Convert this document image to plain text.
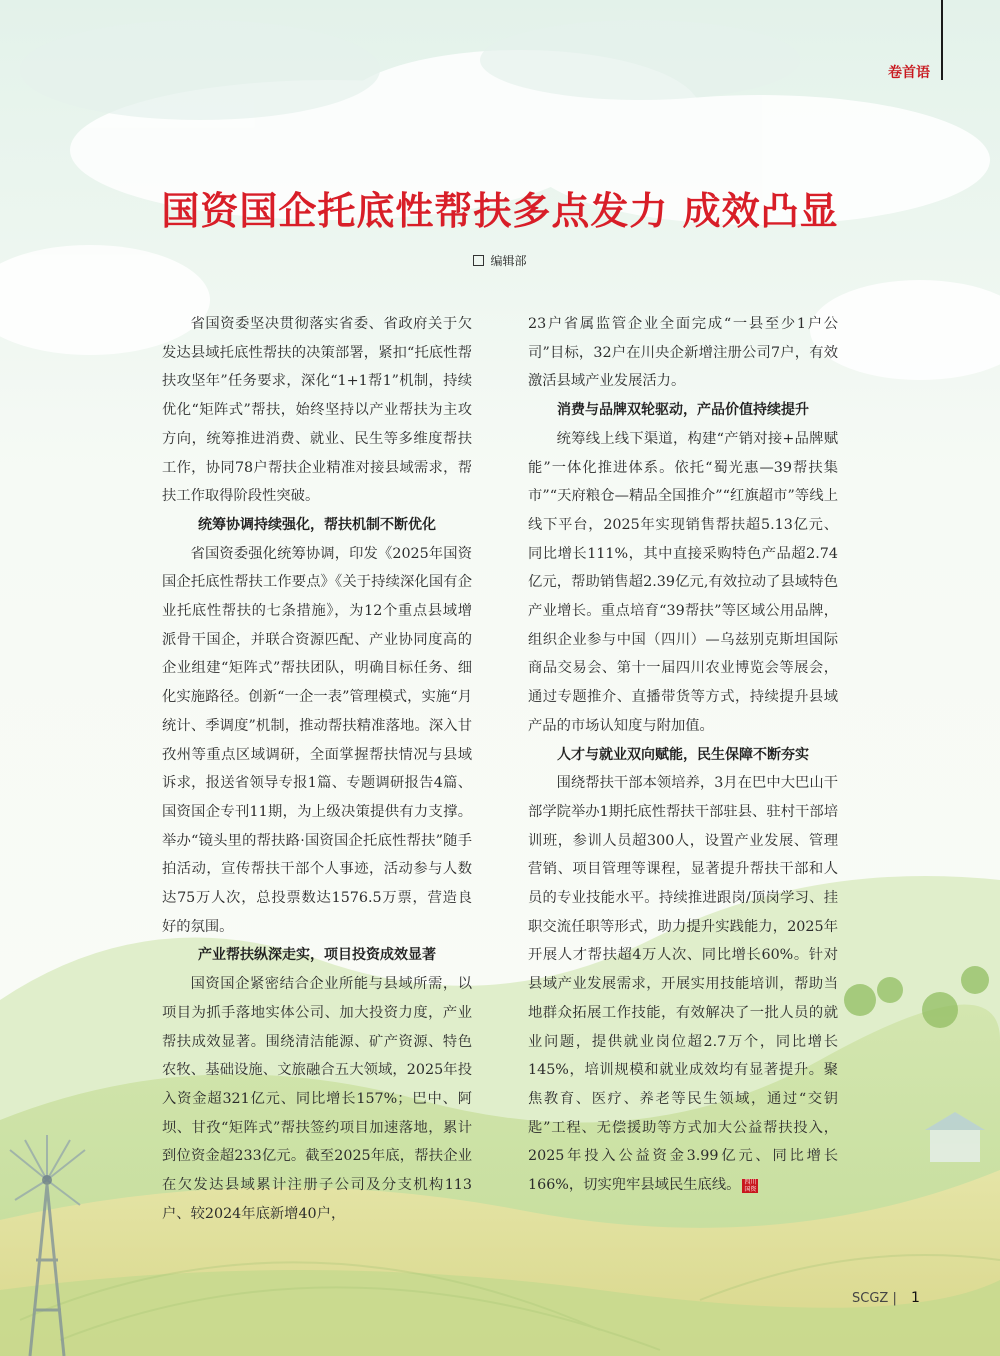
卷首语
国资国企托底性帮扶多点发力 成效凸显
编辑部

省国资委坚决贯彻落实省委、省政府关于欠发达县域托底性帮扶的决策部署，紧扣“托底性帮扶攻坚年”任务要求，深化“1+1帮1”机制，持续优化“矩阵式”帮扶，始终坚持以产业帮扶为主攻方向，统筹推进消费、就业、民生等多维度帮扶工作，协同78户帮扶企业精准对接县域需求，帮扶工作取得阶段性突破。

统筹协调持续强化，帮扶机制不断优化

省国资委强化统筹协调，印发《2025年国资国企托底性帮扶工作要点》《关于持续深化国有企业托底性帮扶的七条措施》，为12个重点县域增派骨干国企，并联合资源匹配、产业协同度高的企业组建“矩阵式”帮扶团队，明确目标任务、细化实施路径。创新“一企一表”管理模式，实施“月统计、季调度”机制，推动帮扶精准落地。深入甘孜州等重点区域调研，全面掌握帮扶情况与县域诉求，报送省领导专报1篇、专题调研报告4篇、国资国企专刊11期，为上级决策提供有力支撑。举办“镜头里的帮扶路·国资国企托底性帮扶”随手拍活动，宣传帮扶干部个人事迹，活动参与人数达75万人次，总投票数达1576.5万票，营造良好的氛围。

产业帮扶纵深走实，项目投资成效显著

国资国企紧密结合企业所能与县域所需，以项目为抓手落地实体公司、加大投资力度，产业帮扶成效显著。围绕清洁能源、矿产资源、特色农牧、基础设施、文旅融合五大领域，2025年投入资金超321亿元、同比增长157%；巴中、阿坝、甘孜“矩阵式”帮扶签约项目加速落地，累计到位资金超233亿元。截至2025年底，帮扶企业在欠发达县域累计注册子公司及分支机构113户、较2024年底新增40户，

23户省属监管企业全面完成“一县至少1户公司”目标，32户在川央企新增注册公司7户，有效激活县域产业发展活力。

消费与品牌双轮驱动，产品价值持续提升

统筹线上线下渠道，构建“产销对接+品牌赋能”一体化推进体系。依托“蜀光惠—39帮扶集市”“天府粮仓—精品全国推介”“红旗超市”等线上线下平台，2025年实现销售帮扶超5.13亿元、同比增长111%，其中直接采购特色产品超2.74亿元，帮助销售超2.39亿元,有效拉动了县域特色产业增长。重点培育“39帮扶”等区域公用品牌，组织企业参与中国（四川）—乌兹别克斯坦国际商品交易会、第十一届四川农业博览会等展会，通过专题推介、直播带货等方式，持续提升县域产品的市场认知度与附加值。

人才与就业双向赋能，民生保障不断夯实

围绕帮扶干部本领培养，3月在巴中大巴山干部学院举办1期托底性帮扶干部驻县、驻村干部培训班，参训人员超300人，设置产业发展、管理营销、项目管理等课程，显著提升帮扶干部和人员的专业技能水平。持续推进跟岗/顶岗学习、挂职交流任职等形式，助力提升实践能力，2025年开展人才帮扶超4万人次、同比增长60%。针对县域产业发展需求，开展实用技能培训，帮助当地群众拓展工作技能，有效解决了一批人员的就业问题，提供就业岗位超2.7万个，同比增长145%，培训规模和就业成效均有显著提升。聚焦教育、医疗、养老等民生领域，通过“交钥匙”工程、无偿援助等方式加大公益帮扶投入，2025年投入公益资金3.99亿元、同比增长166%，切实兜牢县域民生底线。 四川国资

SCGZ | 1
